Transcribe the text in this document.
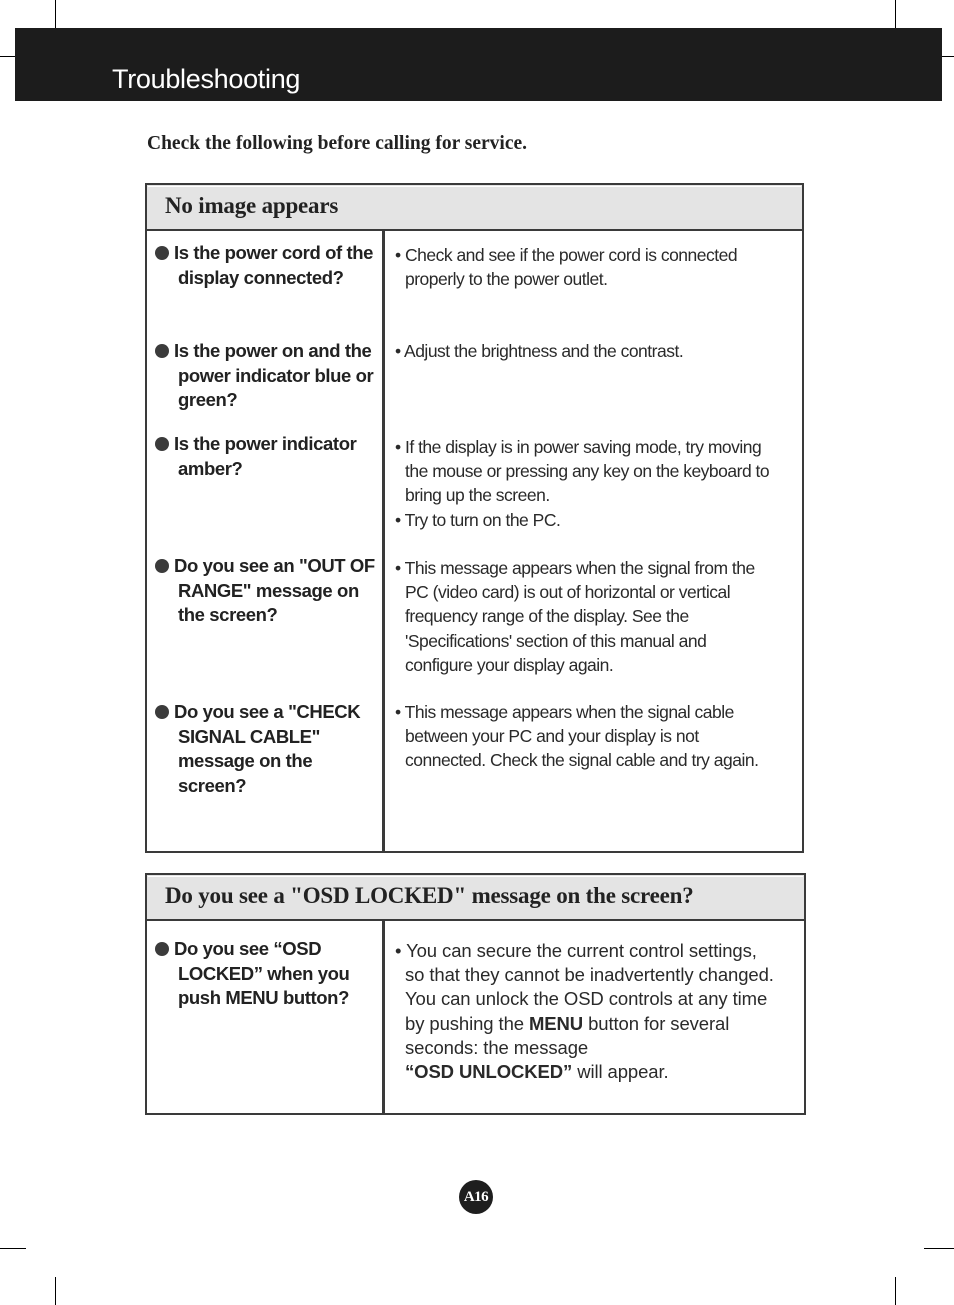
Troubleshooting
Check the following before calling for service.
No image appears
Is the power cord of the
display connected?
• Check and see if the power cord is connected
properly to the power outlet.
Is the power on and the
power indicator blue or
green?
• Adjust the brightness and the contrast.
Is the power indicator
amber?
• If the display is in power saving mode, try moving
the mouse or pressing any key on the keyboard to
bring up the screen.
• Try to turn on the PC.
Do you see an "OUT OF
RANGE" message on
the screen?
• This message appears when the signal from the
PC (video card) is out of horizontal or vertical
frequency range of the display. See the
'Specifications' section of this manual and
configure your display again.
Do you see a "CHECK
SIGNAL CABLE"
message on the
screen?
• This message appears when the signal cable
between your PC and your display is not
connected. Check the signal cable and try again.
Do you see a "OSD LOCKED" message on the screen?
Do you see “OSD
LOCKED” when you
push MENU button?
• You can secure the current control settings,
so that they cannot be inadvertently changed.
You can unlock the OSD controls at any time
by pushing the MENU button for several
seconds: the message
“OSD UNLOCKED” will appear.
A16
